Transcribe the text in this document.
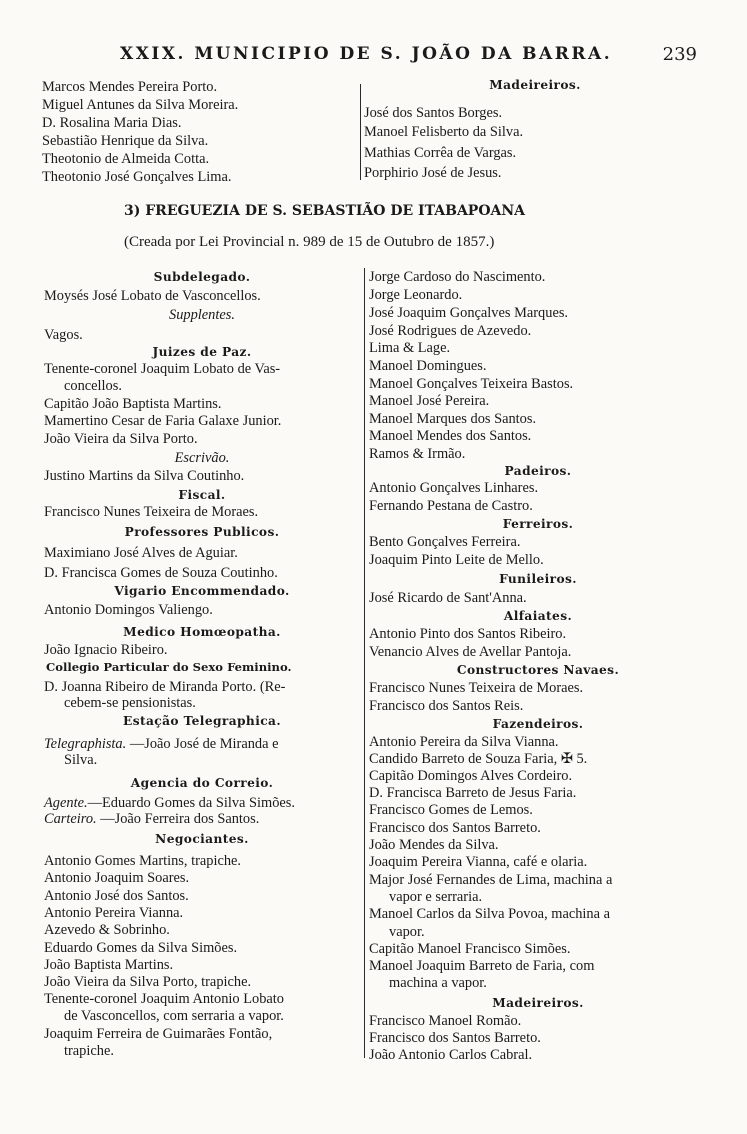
XXIX. MUNICIPIO DE S. JOÃO DA BARRA.	239
Marcos Mendes Pereira Porto.
Miguel Antunes da Silva Moreira.
D. Rosalina Maria Dias.
Sebastião Henrique da Silva.
Theotonio de Almeida Cotta.
Theotonio José Gonçalves Lima.
Madeireiros.
José dos Santos Borges.
Manoel Felisberto da Silva.
Mathias Corrêa de Vargas.
Porphirio José de Jesus.
3) FREGUEZIA DE S. SEBASTIÃO DE ITABAPOANA
(Creada por Lei Provincial n. 989 de 15 de Outubro de 1857.)
Subdelegado.
Moysés José Lobato de Vasconcellos.
Supplentes.
Vagos.
Juizes de Paz.
Tenente-coronel Joaquim Lobato de Vas-
concellos.
Capitão João Baptista Martins.
Mamertino Cesar de Faria Galaxe Junior.
João Vieira da Silva Porto.
Escrivão.
Justino Martins da Silva Coutinho.
Fiscal.
Francisco Nunes Teixeira de Moraes.
Professores Publicos.
Maximiano José Alves de Aguiar.
D. Francisca Gomes de Souza Coutinho.
Vigario Encommendado.
Antonio Domingos Valiengo.
Medico Homœopatha.
João Ignacio Ribeiro.
Collegio Particular do Sexo Feminino.
D. Joanna Ribeiro de Miranda Porto. (Re-
cebem-se pensionistas.
Estação Telegraphica.
Telegraphista. —João José de Miranda e
Silva.
Agencia do Correio.
Agente.—Eduardo Gomes da Silva Simões.
Carteiro. —João Ferreira dos Santos.
Negociantes.
Antonio Gomes Martins, trapiche.
Antonio Joaquim Soares.
Antonio José dos Santos.
Antonio Pereira Vianna.
Azevedo & Sobrinho.
Eduardo Gomes da Silva Simões.
João Baptista Martins.
João Vieira da Silva Porto, trapiche.
Tenente-coronel Joaquim Antonio Lobato
de Vasconcellos, com serraria a vapor.
Joaquim Ferreira de Guimarães Fontão,
trapiche.
Jorge Cardoso do Nascimento.
Jorge Leonardo.
José Joaquim Gonçalves Marques.
José Rodrigues de Azevedo.
Lima & Lage.
Manoel Domingues.
Manoel Gonçalves Teixeira Bastos.
Manoel José Pereira.
Manoel Marques dos Santos.
Manoel Mendes dos Santos.
Ramos & Irmão.
Padeiros.
Antonio Gonçalves Linhares.
Fernando Pestana de Castro.
Ferreiros.
Bento Gonçalves Ferreira.
Joaquim Pinto Leite de Mello.
Funileiros.
José Ricardo de Sant'Anna.
Alfaiates.
Antonio Pinto dos Santos Ribeiro.
Venancio Alves de Avellar Pantoja.
Constructores Navaes.
Francisco Nunes Teixeira de Moraes.
Francisco dos Santos Reis.
Fazendeiros.
Antonio Pereira da Silva Vianna.
Candido Barreto de Souza Faria, ✠ 5.
Capitão Domingos Alves Cordeiro.
D. Francisca Barreto de Jesus Faria.
Francisco Gomes de Lemos.
Francisco dos Santos Barreto.
João Mendes da Silva.
Joaquim Pereira Vianna, café e olaria.
Major José Fernandes de Lima, machina a
vapor e serraria.
Manoel Carlos da Silva Povoa, machina a
vapor.
Capitão Manoel Francisco Simões.
Manoel Joaquim Barreto de Faria, com
machina a vapor.
Madeireiros.
Francisco Manoel Romão.
Francisco dos Santos Barreto.
João Antonio Carlos Cabral.
